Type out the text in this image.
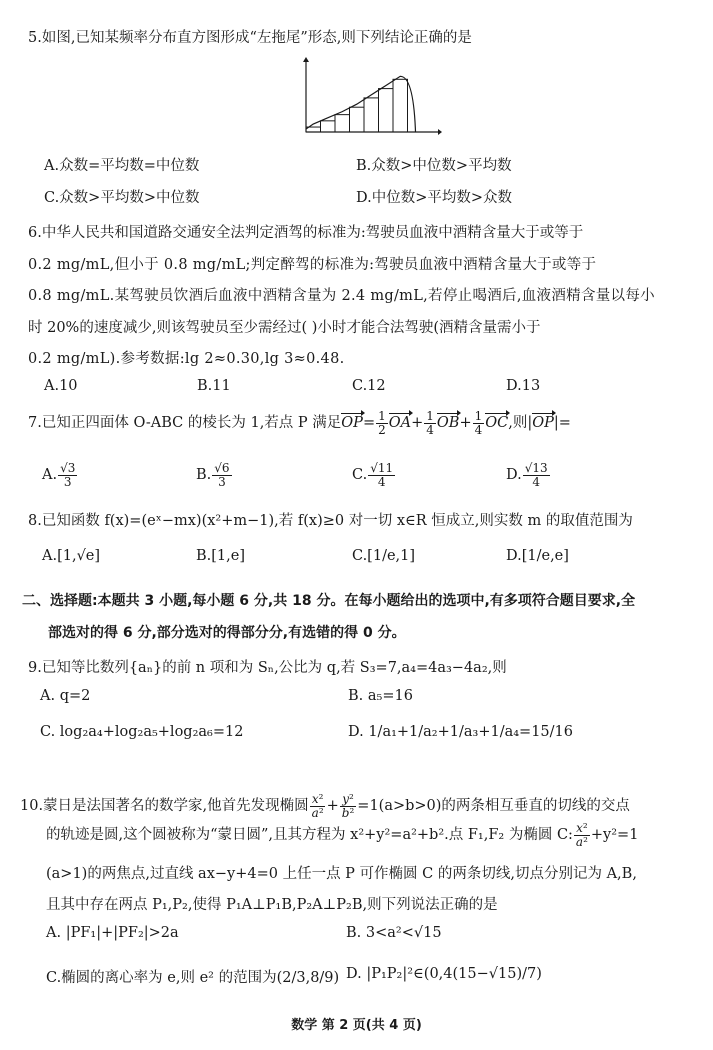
5.如图,已知某频率分布直方图形成“左拖尾”形态,则下列结论正确的是
A.众数=平均数=中位数	B.众数>中位数>平均数
C.众数>平均数>中位数	D.中位数>平均数>众数
6.中华人民共和国道路交通安全法判定酒驾的标准为:驾驶员血液中酒精含量大于或等于
0.2 mg/mL,但小于 0.8 mg/mL;判定醉驾的标准为:驾驶员血液中酒精含量大于或等于
0.8 mg/mL.某驾驶员饮酒后血液中酒精含量为 2.4 mg/mL,若停止喝酒后,血液酒精含量以每小
时 20%的速度减少,则该驾驶员至少需经过( )小时才能合法驾驶(酒精含量需小于
0.2 mg/mL).参考数据:lg 2≈0.30,lg 3≈0.48.
A.10	B.11	C.12	D.13
7.已知正四面体 O-ABC 的棱长为 1,若点 P 满足$OP= \frac{1}{2} OA+ \frac{1}{4} OB+ \frac{1}{4}$ OC,则|OP|=
A. $\frac{√3}{3}$	B. $\frac{√6}{3}$	C. $\frac{√11}{4}$	D. $\frac{√13}{4}$
8.已知函数 f(x)=(eˣ−mx)(x²+m−1),若 f(x)≥0 对一切 x∈R 恒成立,则实数 m 的取值范围为
A.[1,√e]	B.[1,e]	C.[1/e,1]	D.[1/e,e]
二、选择题:本题共 3 小题,每小题 6 分,共 18 分。在每小题给出的选项中,有多项符合题目要求,全
部选对的得 6 分,部分选对的得部分分,有选错的得 0 分。
9.已知等比数列{aₙ}的前 n 项和为 Sₙ,公比为 q,若 S₃=7,a₄=4a₃−4a₂,则
A. q=2	B. a₅=16
C. log₂a₄+log₂a₅+log₂a₆=12	D. 1/a₁+1/a₂+1/a₃+1/a₄=15/16
10.蒙日是法国著名的数学家,他首先发现椭圆 $\frac{\text{x²}}{\text{a²}} + \frac{\text{y²}}{\text{b²}} =1(a>b>0)$的两条相互垂直的切线的交点
的轨迹是圆,这个圆被称为“蒙日圆”,且其方程为 x²+y²=a²+b².点 F₁,F₂ 为椭圆 C: $\frac{\text{x²}}{\text{a²}} +y^2=1$
(a>1)的两焦点,过直线 ax−y+4=0 上任一点 P 可作椭圆 C 的两条切线,切点分别记为 A,B,
且其中存在两点 P₁,P₂,使得 P₁A⊥P₁B,P₂A⊥P₂B,则下列说法正确的是
A. |PF₁|+|PF₂|>2a	B. 3<a²<√15
C.椭圆的离心率为 e,则 e² 的范围为(2/3,8/9) D. |P₁P₂|²∈(0,4(15−√15)/7)
数学 第 2 页(共 4 页)
